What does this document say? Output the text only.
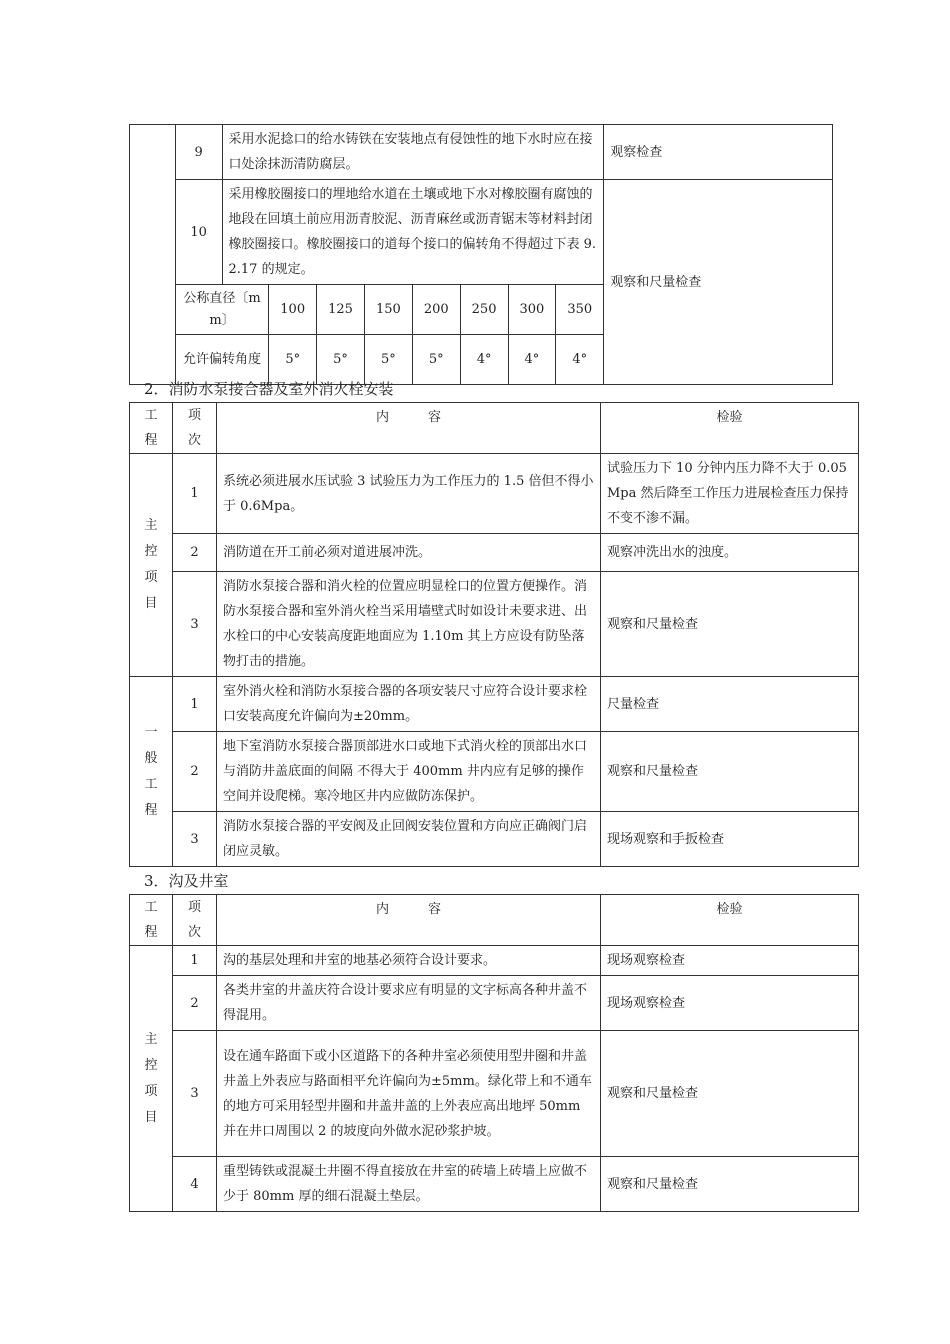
	9	采用水泥捻口的给水铸铁在安装地点有侵蚀性的地下水时应在接口处涂抹沥清防腐层。								观察检查
	10	采用橡胶圈接口的埋地给水道在土壤或地下水对橡胶圈有腐蚀的地段在回填土前应用沥青胶泥、沥青麻丝或沥青锯末等材料封闭橡胶圈接口。橡胶圈接口的道每个接口的偏转角不得超过下表 9.2.17 的规定。								观察和尺量检查
	公称直径〔mm〕		100	125	150	200	250	300	350	
	允许偏转角度		5°	5°	5°	5°	4°	4°	4°	
2．消防水泵接合器及室外消火栓安装
工程	项次	内　　　容	检验
主控项目	1	系统必须进展水压试验 3 试验压力为工作压力的 1.5 倍但不得小于 0.6Mpa。	试验压力下 10 分钟内压力降不大于 0.05Mpa 然后降至工作压力进展检查压力保持不变不渗不漏。
	2	消防道在开工前必须对道进展冲洗。	观察冲洗出水的浊度。
	3	消防水泵接合器和消火栓的位置应明显栓口的位置方便操作。消防水泵接合器和室外消火栓当采用墙壁式时如设计未要求进、出水栓口的中心安装高度距地面应为 1.10m 其上方应设有防坠落物打击的措施。	观察和尺量检查
一般工程	1	室外消火栓和消防水泵接合器的各项安装尺寸应符合设计要求栓口安装高度允许偏向为±20mm。	尺量检查
	2	地下室消防水泵接合器顶部进水口或地下式消火栓的顶部出水口与消防井盖底面的间隔 不得大于 400mm 井内应有足够的操作空间并设爬梯。寒冷地区井内应做防冻保护。	观察和尺量检查
	3	消防水泵接合器的平安阀及止回阀安装位置和方向应正确阀门启闭应灵敏。	现场观察和手扳检查
3．沟及井室
工程	项次	内　　　容	检验
主控项目	1	沟的基层处理和井室的地基必须符合设计要求。	现场观察检查
	2	各类井室的井盖庆符合设计要求应有明显的文字标高各种井盖不得混用。	现场观察检查
	3	设在通车路面下或小区道路下的各种井室必须使用型井圈和井盖井盖上外表应与路面相平允许偏向为±5mm。绿化带上和不通车的地方可采用轻型井圈和井盖井盖的上外表应高出地坪 50mm 并在井口周围以 2 的坡度向外做水泥砂浆护坡。	观察和尺量检查
	4	重型铸铁或混凝土井圈不得直接放在井室的砖墙上砖墙上应做不少于 80mm 厚的细石混凝土垫层。	观察和尺量检查
